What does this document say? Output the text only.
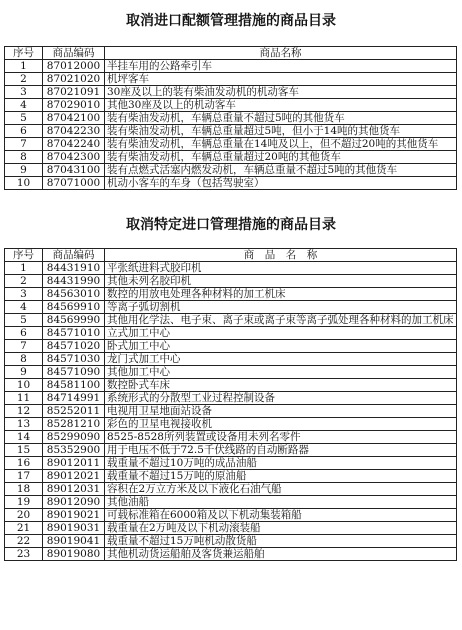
取消进口配额管理措施的商品目录
序号	商品编码	商品名称
1	87012000	半挂车用的公路牵引车
2	87021020	机坪客车
3	87021091	30座及以上的装有柴油发动机的机动客车
4	87029010	其他30座及以上的机动客车
5	87042100	装有柴油发动机，车辆总重量不超过5吨的其他货车
6	87042230	装有柴油发动机，车辆总重量超过5吨，但小于14吨的其他货车
7	87042240	装有柴油发动机，车辆总重量在14吨及以上，但不超过20吨的其他货车
8	87042300	装有柴油发动机，车辆总重量超过20吨的其他货车
9	87043100	装有点燃式活塞内燃发动机，车辆总重量不超过5吨的其他货车
10	87071000	机动小客车的车身（包括驾驶室）
取消特定进口管理措施的商品目录
序号	商品编码	商　品　名　称
1	84431910	平张纸进料式胶印机
2	84431990	其他未列名胶印机
3	84563010	数控的用放电处理各种材料的加工机床
4	84569910	等离子弧切割机
5	84569990	其他用化学法、电子束、离子束或离子束等离子弧处理各种材料的加工机床
6	84571010	立式加工中心
7	84571020	卧式加工中心
8	84571030	龙门式加工中心
9	84571090	其他加工中心
10	84581100	数控卧式车床
11	84714991	系统形式的分散型工业过程控制设备
12	85252011	电视用卫星地面站设备
13	85281210	彩色的卫星电视接收机
14	85299090	8525-8528所列装置或设备用未列名零件
15	85352900	用于电压不低于72.5千伏线路的自动断路器
16	89012011	载重量不超过10万吨的成品油船
17	89012021	载重量不超过15万吨的原油船
18	89012031	容积在2万立方米及以下液化石油气船
19	89012090	其他油船
20	89019021	可载标准箱在6000箱及以下机动集装箱船
21	89019031	载重量在2万吨及以下机动滚装船
22	89019041	载重量不超过15万吨机动散货船
23	89019080	其他机动货运船舶及客货兼运船舶
